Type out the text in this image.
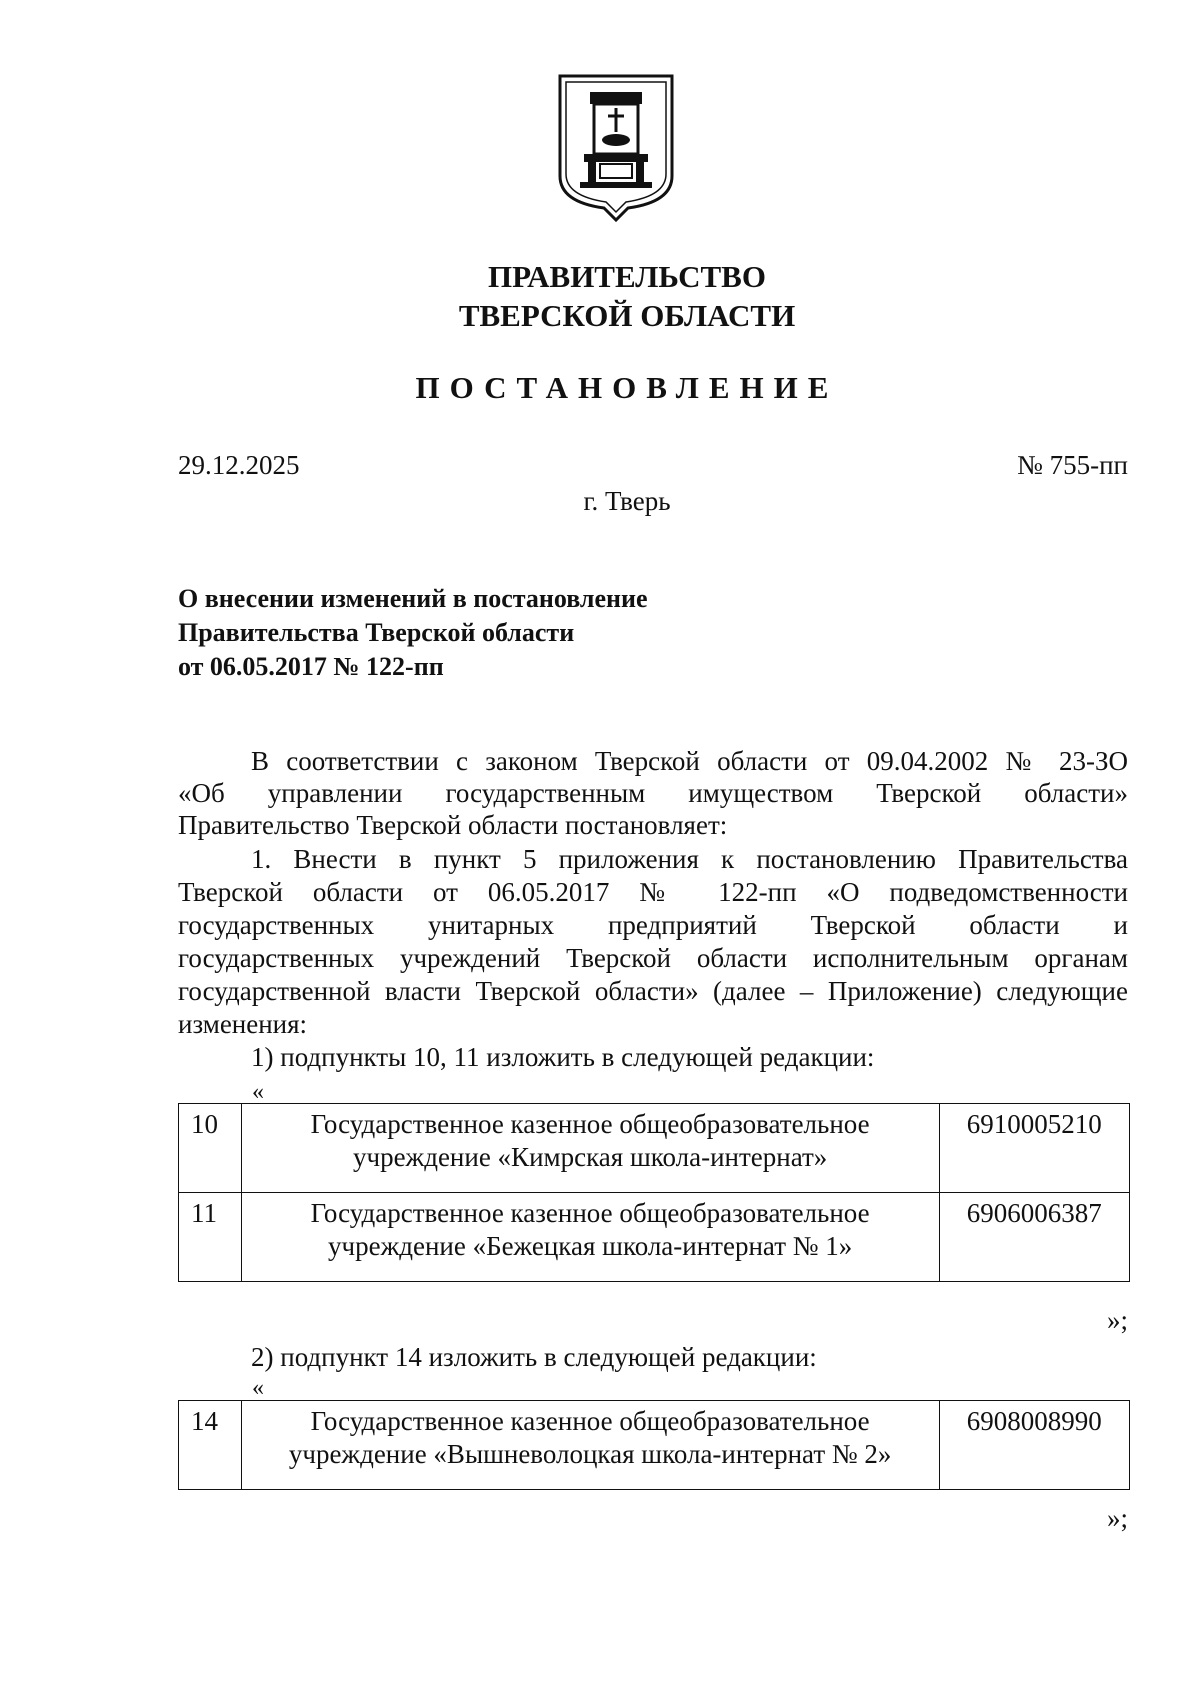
ПРАВИТЕЛЬСТВО
ТВЕРСКОЙ ОБЛАСТИ
ПОСТАНОВЛЕНИЕ
29.12.2025	№ 755-пп
г. Тверь
О внесении изменений в постановление
Правительства Тверской области
от 06.05.2017 № 122-пп
В соответствии с законом Тверской области от 09.04.2002 № 23-ЗО
«Об управлении государственным имуществом Тверской области»
Правительство Тверской области постановляет:
1. Внести в пункт 5 приложения к постановлению Правительства
Тверской области от 06.05.2017 № 122-пп «О подведомственности
государственных унитарных предприятий Тверской области и
государственных учреждений Тверской области исполнительным органам
государственной власти Тверской области» (далее – Приложение) следующие
изменения:
1) подпункты 10, 11 изложить в следующей редакции:
«
10	Государственное казенное общеобразовательное
учреждение «Кимрская школа-интернат»	6910005210
11	Государственное казенное общеобразовательное
учреждение «Бежецкая школа-интернат № 1»	6906006387
»;
2) подпункт 14 изложить в следующей редакции:
«
14	Государственное казенное общеобразовательное
учреждение «Вышневолоцкая школа-интернат № 2»
	6908008990
»;
